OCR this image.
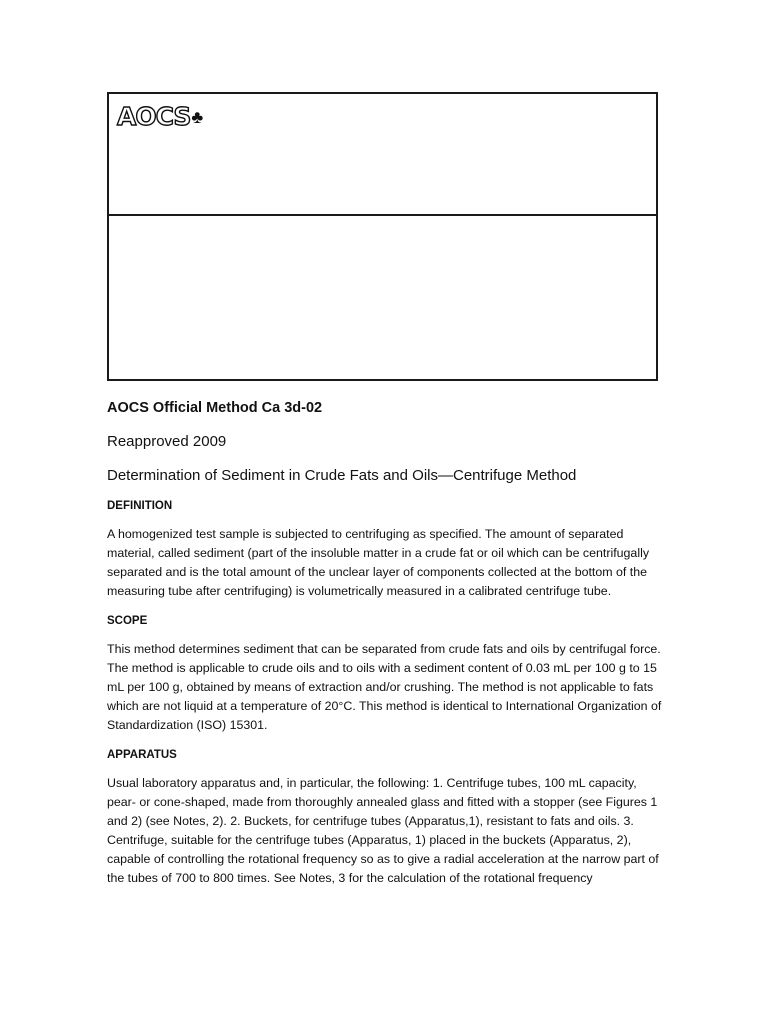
AOCS ♣

AOCS Official Method Ca 3d-02

Reapproved 2009

Determination of Sediment in Crude Fats and Oils—Centrifuge Method

DEFINITION

A homogenized test sample is subjected to centrifuging as specified. The amount of separated material, called sediment (part of the insoluble matter in a crude fat or oil which can be centrifugally separated and is the total amount of the unclear layer of components collected at the bottom of the measuring tube after centrifuging) is volumetrically measured in a calibrated centrifuge tube.

SCOPE

This method determines sediment that can be separated from crude fats and oils by centrifugal force. The method is applicable to crude oils and to oils with a sediment content of 0.03 mL per 100 g to 15 mL per 100 g, obtained by means of extraction and/or crushing. The method is not applicable to fats which are not liquid at a temperature of 20°C. This method is identical to International Organization of Standardization (ISO) 15301.

APPARATUS

Usual laboratory apparatus and, in particular, the following: 1. Centrifuge tubes, 100 mL capacity, pear- or cone-shaped, made from thoroughly annealed glass and fitted with a stopper (see Figures 1 and 2) (see Notes, 2). 2. Buckets, for centrifuge tubes (Apparatus,1), resistant to fats and oils. 3. Centrifuge, suitable for the centrifuge tubes (Apparatus, 1) placed in the buckets (Apparatus, 2), capable of controlling the rotational frequency so as to give a radial acceleration at the narrow part of the tubes of 700 to 800 times. See Notes, 3 for the calculation of the rotational frequency
